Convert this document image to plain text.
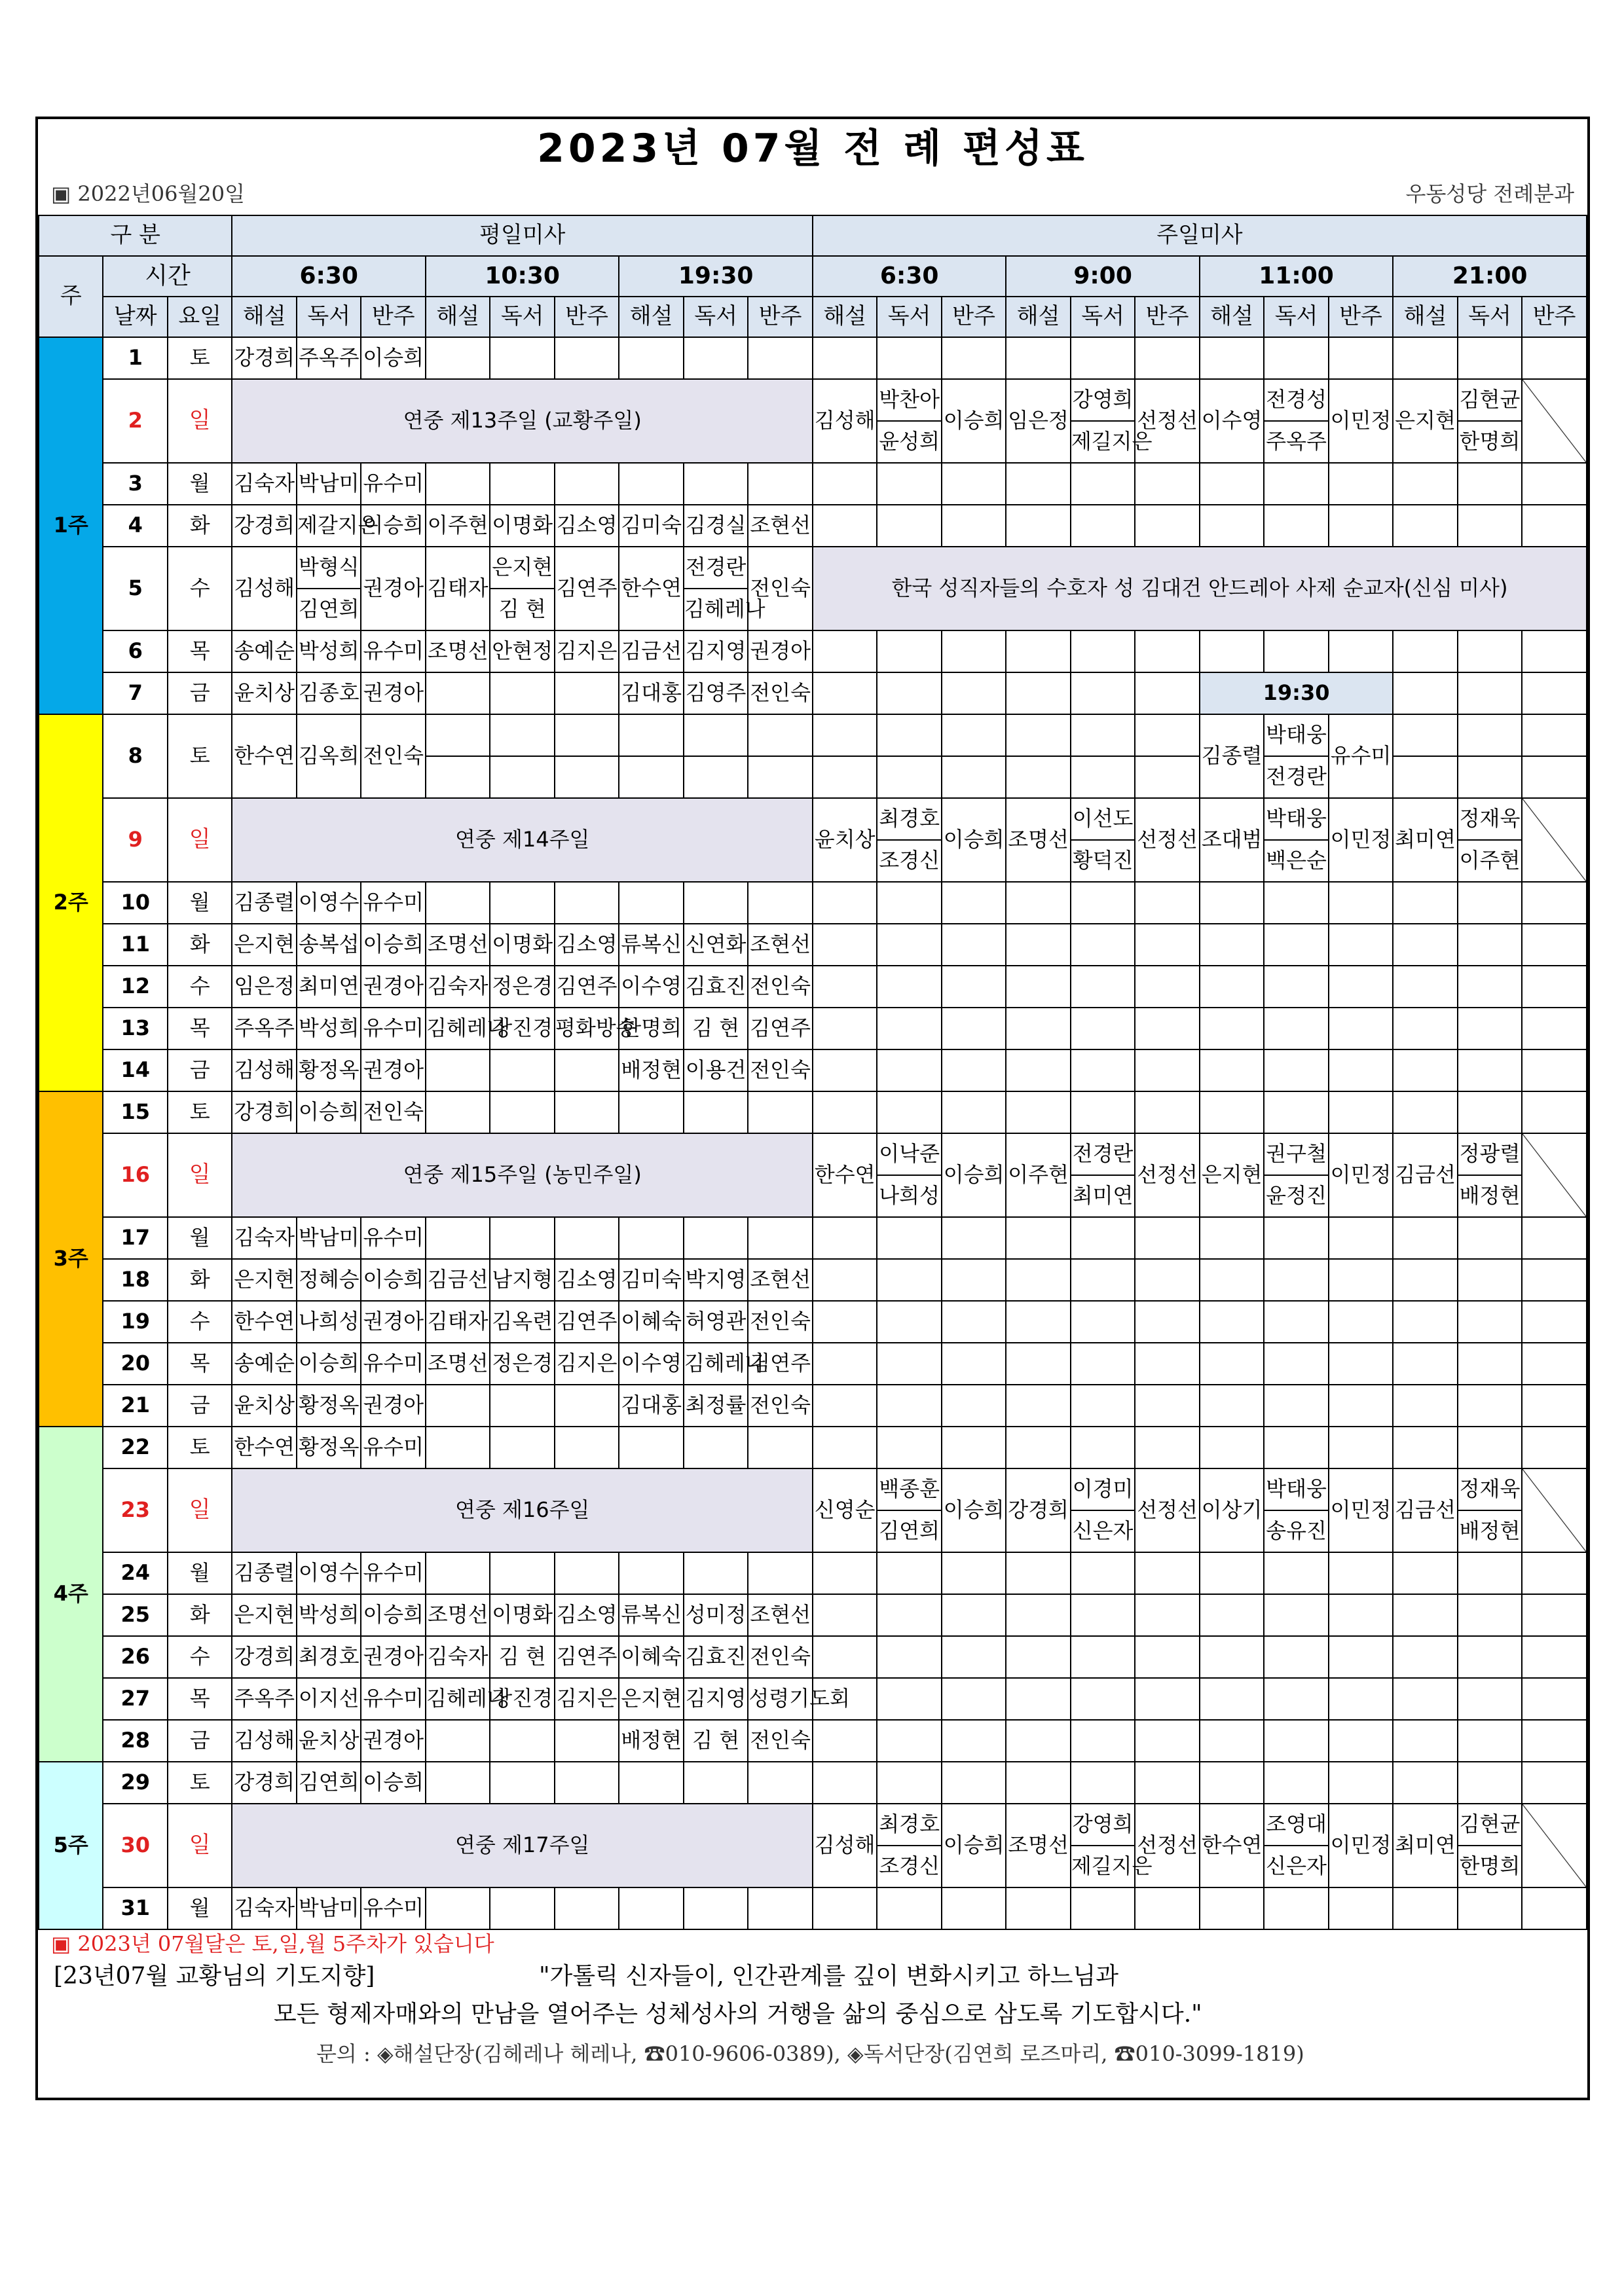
2023년 07월 전 례 편성표
▣ 2022년06월20일	우동성당 전례분과
구 분			평일미사									주일미사											
주	시간		6:30			10:30			19:30			6:30			9:00			11:00			21:00		
	날짜	요일	해설	독서	반주	해설	독서	반주	해설	독서	반주	해설	독서	반주	해설	독서	반주	해설	독서	반주	해설	독서	반주
1주	1	토	강경희	주옥주	이승희																		
	2	일	연중 제13주일 (교황주일)									김성해	박찬아	이승희	임은정	강영희	선정선	이수영	전경성	이민정	은지현	김현균	
													윤성희			제길지은			주옥주			한명희	
	3	월	김숙자	박남미	유수미																		
	4	화	강경희	제갈지은	이승희	이주현	이명화	김소영	김미숙	김경실	조현선												
	5	수	김성해	박형식	권경아	김태자	은지현	김연주	한수연	전경란	전인숙	한국 성직자들의 수호자 성 김대건 안드레아 사제 순교자(신심 미사)											
				김연희			김 현			김헤레나													
	6	목	송예순	박성희	유수미	조명선	안현정	김지은	김금선	김지영	권경아												
	7	금	윤치상	김종호	권경아				김대홍	김영주	전인숙							19:30					
2주	8	토	한수연	김옥희	전인숙													김종렬	박태웅	유수미			
																			전경란				
	9	일	연중 제14주일									윤치상	최경호	이승희	조명선	이선도	선정선	조대범	박태웅	이민정	최미연	정재욱	
													조경신			황덕진			백은순			이주현	
	10	월	김종렬	이영수	유수미																		
	11	화	은지현	송복섭	이승희	조명선	이명화	김소영	류복신	신연화	조현선												
	12	수	임은정	최미연	권경아	김숙자	정은경	김연주	이수영	김효진	전인숙												
	13	목	주옥주	박성희	유수미	김헤레나	장진경	평화방송	한명희	김 현	김연주												
	14	금	김성해	황정옥	권경아				배정현	이용건	전인숙												
3주	15	토	강경희	이승희	전인숙																		
	16	일	연중 제15주일 (농민주일)									한수연	이낙준	이승희	이주현	전경란	선정선	은지현	권구철	이민정	김금선	정광렬	
													나희성			최미연			윤정진			배정현	
	17	월	김숙자	박남미	유수미																		
	18	화	은지현	정혜승	이승희	김금선	남지형	김소영	김미숙	박지영	조현선												
	19	수	한수연	나희성	권경아	김태자	김옥련	김연주	이혜숙	허영관	전인숙												
	20	목	송예순	이승희	유수미	조명선	정은경	김지은	이수영	김헤레나	김연주												
	21	금	윤치상	황정옥	권경아				김대홍	최정률	전인숙												
4주	22	토	한수연	황정옥	유수미																		
	23	일	연중 제16주일									신영순	백종훈	이승희	강경희	이경미	선정선	이상기	박태웅	이민정	김금선	정재욱	
													김연희			신은자			송유진			배정현	
	24	월	김종렬	이영수	유수미																		
	25	화	은지현	박성희	이승희	조명선	이명화	김소영	류복신	성미정	조현선												
	26	수	강경희	최경호	권경아	김숙자	김 현	김연주	이혜숙	김효진	전인숙												
	27	목	주옥주	이지선	유수미	김헤레나	장진경	김지은	은지현	김지영	성령기도회												
	28	금	김성해	윤치상	권경아				배정현	김 현	전인숙												
5주	29	토	강경희	김연희	이승희																		
	30	일	연중 제17주일									김성해	최경호	이승희	조명선	강영희	선정선	한수연	조영대	이민정	최미연	김현균	
													조경신			제길지은			신은자			한명희	
	31	월	김숙자	박남미	유수미																		
▣ 2023년 07월달은 토,일,월 5주차가 있습니다
[23년07월 교황님의 기도지향]	"가톨릭 신자들이, 인간관계를 깊이 변화시키고 하느님과
모든 형제자매와의 만남을 열어주는 성체성사의 거행을 삶의 중심으로 삼도록 기도합시다."
문의 : ◈해설단장(김헤레나 헤레나, ☎010-9606-0389), ◈독서단장(김연희 로즈마리, ☎010-3099-1819)
